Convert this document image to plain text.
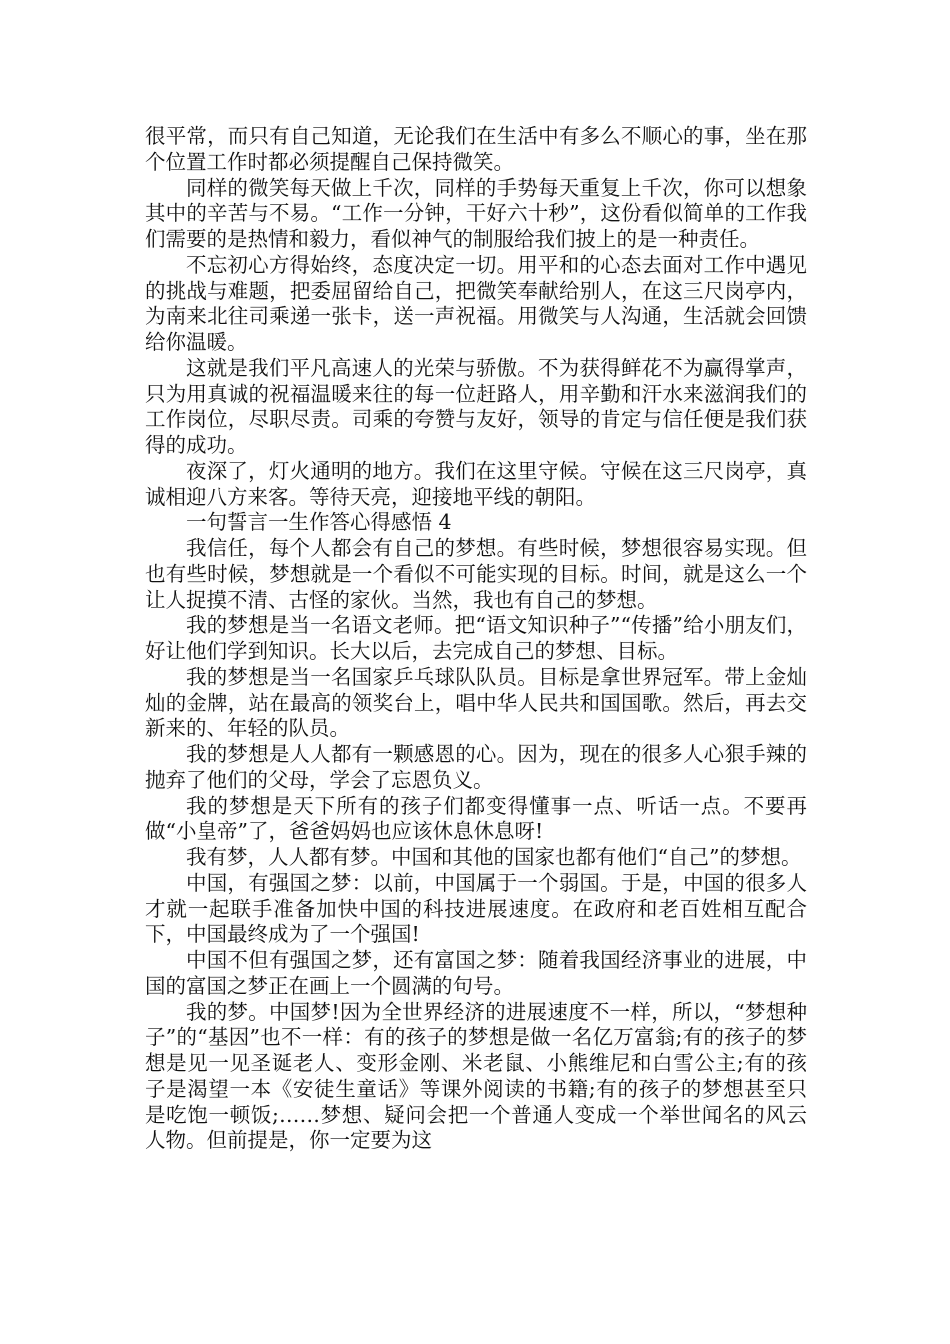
很平常，而只有自己知道，无论我们在生活中有多么不顺心的事，坐在那个位置工作时都必须提醒自己保持微笑。

同样的微笑每天做上千次，同样的手势每天重复上千次，你可以想象其中的辛苦与不易。“工作一分钟，干好六十秒”，这份看似简单的工作我们需要的是热情和毅力，看似神气的制服给我们披上的是一种责任。

不忘初心方得始终，态度决定一切。用平和的心态去面对工作中遇见的挑战与难题，把委屈留给自己，把微笑奉献给别人，在这三尺岗亭内，为南来北往司乘递一张卡，送一声祝福。用微笑与人沟通，生活就会回馈给你温暖。

这就是我们平凡高速人的光荣与骄傲。不为获得鲜花不为赢得掌声，只为用真诚的祝福温暖来往的每一位赶路人，用辛勤和汗水来滋润我们的工作岗位，尽职尽责。司乘的夸赞与友好，领导的肯定与信任便是我们获得的成功。

夜深了，灯火通明的地方。我们在这里守候。守候在这三尺岗亭，真诚相迎八方来客。等待天亮，迎接地平线的朝阳。

一句誓言一生作答心得感悟 4

我信任，每个人都会有自己的梦想。有些时候，梦想很容易实现。但也有些时候，梦想就是一个看似不可能实现的目标。时间，就是这么一个让人捉摸不清、古怪的家伙。当然，我也有自己的梦想。

我的梦想是当一名语文老师。把“语文知识种子”“传播”给小朋友们，好让他们学到知识。长大以后，去完成自己的梦想、目标。

我的梦想是当一名国家乒乓球队队员。目标是拿世界冠军。带上金灿灿的金牌，站在最高的领奖台上，唱中华人民共和国国歌。然后，再去交新来的、年轻的队员。

我的梦想是人人都有一颗感恩的心。因为，现在的很多人心狠手辣的抛弃了他们的父母，学会了忘恩负义。

我的梦想是天下所有的孩子们都变得懂事一点、听话一点。不要再做“小皇帝”了，爸爸妈妈也应该休息休息呀!

我有梦，人人都有梦。中国和其他的国家也都有他们“自己”的梦想。

中国，有强国之梦：以前，中国属于一个弱国。于是，中国的很多人才就一起联手准备加快中国的科技进展速度。在政府和老百姓相互配合下，中国最终成为了一个强国!

中国不但有强国之梦，还有富国之梦：随着我国经济事业的进展，中国的富国之梦正在画上一个圆满的句号。

我的梦。中国梦!因为全世界经济的进展速度不一样，所以，“梦想种子”的“基因”也不一样：有的孩子的梦想是做一名亿万富翁;有的孩子的梦想是见一见圣诞老人、变形金刚、米老鼠、小熊维尼和白雪公主;有的孩子是渴望一本《安徒生童话》等课外阅读的书籍;有的孩子的梦想甚至只是吃饱一顿饭;……梦想、疑问会把一个普通人变成一个举世闻名的风云人物。但前提是，你一定要为这
